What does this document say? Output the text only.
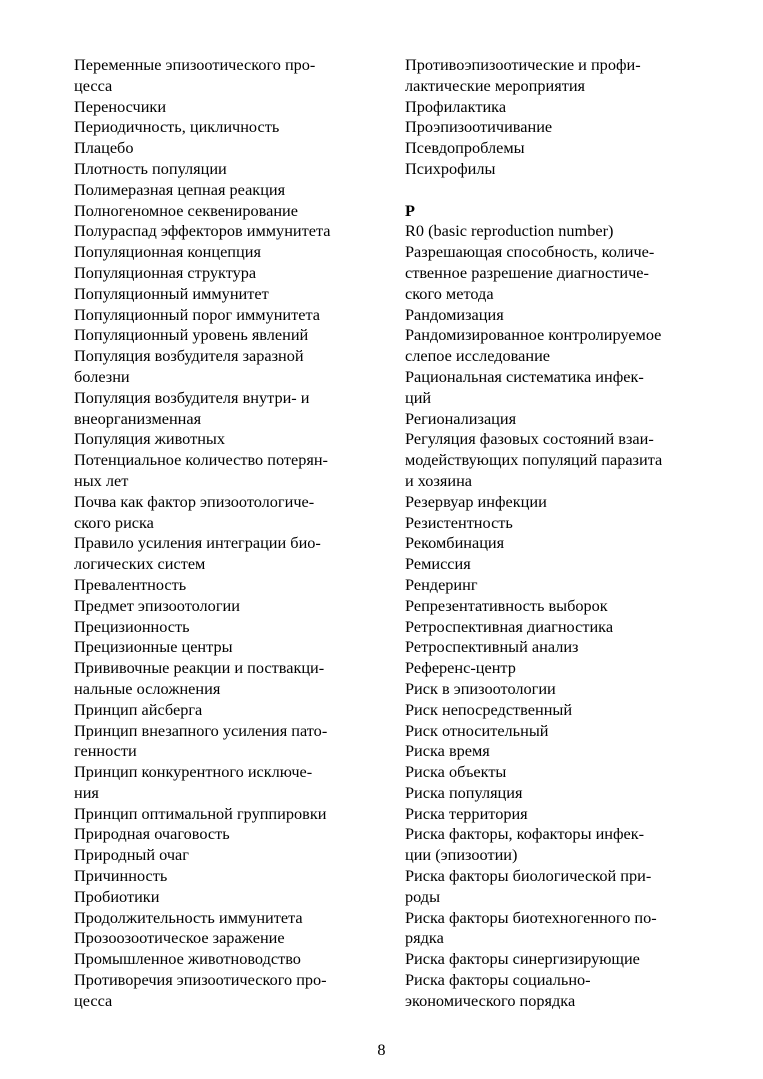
Переменные эпизоотического про-
цесса
Переносчики
Периодичность, цикличность
Плацебо
Плотность популяции
Полимеразная цепная реакция
Полногеномное секвенирование
Полураспад эффекторов иммунитета
Популяционная концепция
Популяционная структура
Популяционный иммунитет
Популяционный порог иммунитета
Популяционный уровень явлений
Популяция возбудителя заразной
болезни
Популяция возбудителя внутри- и
внеорганизменная
Популяция животных
Потенциальное количество потерян-
ных лет
Почва как фактор эпизоотологиче-
ского риска
Правило усиления интеграции био-
логических систем
Превалентность
Предмет эпизоотологии
Прецизионность
Прецизионные центры
Прививочные реакции и поствакци-
нальные осложнения
Принцип айсберга
Принцип внезапного усиления пато-
генности
Принцип конкурентного исключе-
ния
Принцип оптимальной группировки
Природная очаговость
Природный очаг
Причинность
Пробиотики
Продолжительность иммунитета
Прозоозоотическое заражение
Промышленное животноводство
Противоречия эпизоотического про-
цесса
Противоэпизоотические и профи-
лактические мероприятия
Профилактика
Проэпизоотичивание
Псевдопроблемы
Психрофилы
Р
R0 (basic reproduction number)
Разрешающая способность, количе-
ственное разрешение диагностиче-
ского метода
Рандомизация
Рандомизированное контролируемое
слепое исследование
Рациональная систематика инфек-
ций
Регионализация
Регуляция фазовых состояний взаи-
модействующих популяций паразита
и хозяина
Резервуар инфекции
Резистентность
Рекомбинация
Ремиссия
Рендеринг
Репрезентативность выборок
Ретроспективная диагностика
Ретроспективный анализ
Референс-центр
Риск в эпизоотологии
Риск непосредственный
Риск относительный
Риска время
Риска объекты
Риска популяция
Риска территория
Риска факторы, кофакторы инфек-
ции (эпизоотии)
Риска факторы биологической при-
роды
Риска факторы биотехногенного по-
рядка
Риска факторы синергизирующие
Риска факторы социально-
экономического порядка
8
